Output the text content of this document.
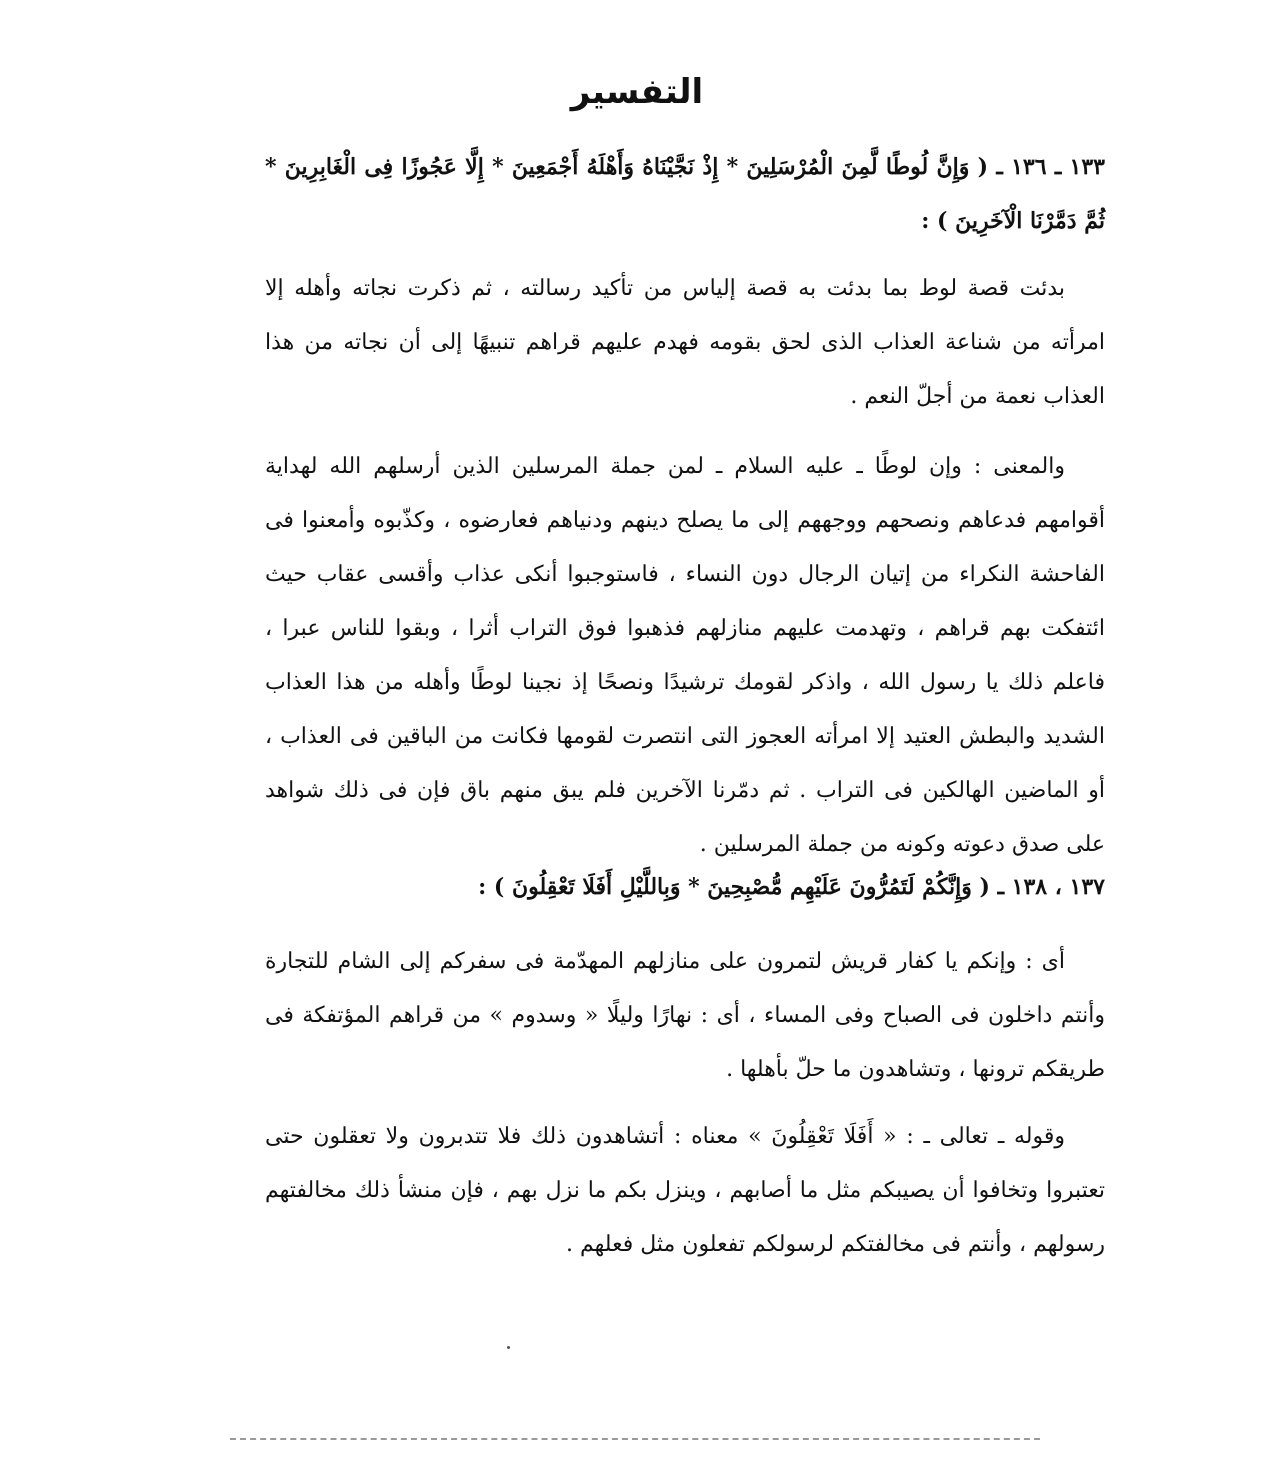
التفسير
١٣٣ ـ ١٣٦ ـ ( وَإِنَّ لُوطًا لَّمِنَ الْمُرْسَلِينَ * إِذْ نَجَّيْنَاهُ وَأَهْلَهُ أَجْمَعِينَ * إِلَّا عَجُوزًا فِى الْغَابِرِينَ * ثُمَّ دَمَّرْنَا الْآخَرِينَ ) :
بدئت قصة لوط بما بدئت به قصة إلياس من تأكيد رسالته ، ثم ذكرت نجاته وأهله إلا امرأته من شناعة العذاب الذى لحق بقومه فهدم عليهم قراهم تنبيهًا إلى أن نجاته من هذا العذاب نعمة من أجلّ النعم .
والمعنى : وإن لوطًا ـ عليه السلام ـ لمن جملة المرسلين الذين أرسلهم الله لهداية أقوامهم فدعاهم ونصحهم ووجههم إلى ما يصلح دينهم ودنياهم فعارضوه ، وكذّبوه وأمعنوا فى الفاحشة النكراء من إتيان الرجال دون النساء ، فاستوجبوا أنكى عذاب وأقسى عقاب حيث ائتفكت بهم قراهم ، وتهدمت عليهم منازلهم فذهبوا فوق التراب أثرا ، وبقوا للناس عبرا ، فاعلم ذلك يا رسول الله ، واذكر لقومك ترشيدًا ونصحًا إذ نجينا لوطًا وأهله من هذا العذاب الشديد والبطش العتيد إلا امرأته العجوز التى انتصرت لقومها فكانت من الباقين فى العذاب ، أو الماضين الهالكين فى التراب . ثم دمّرنا الآخرين فلم يبق منهم باق فإن فى ذلك شواهد على صدق دعوته وكونه من جملة المرسلين .
١٣٧ ، ١٣٨ ـ ( وَإِنَّكُمْ لَتَمُرُّونَ عَلَيْهِم مُّصْبِحِينَ * وَبِاللَّيْلِ أَفَلَا تَعْقِلُونَ ) :
أى : وإنكم يا كفار قريش لتمرون على منازلهم المهدّمة فى سفركم إلى الشام للتجارة وأنتم داخلون فى الصباح وفى المساء ، أى : نهارًا وليلًا « وسدوم » من قراهم المؤتفكة فى طريقكم ترونها ، وتشاهدون ما حلّ بأهلها .
وقوله ـ تعالى ـ : « أَفَلَا تَعْقِلُونَ » معناه : أتشاهدون ذلك فلا تتدبرون ولا تعقلون حتى تعتبروا وتخافوا أن يصيبكم مثل ما أصابهم ، وينزل بكم ما نزل بهم ، فإن منشأ ذلك مخالفتهم رسولهم ، وأنتم فى مخالفتكم لرسولكم تفعلون مثل فعلهم .
